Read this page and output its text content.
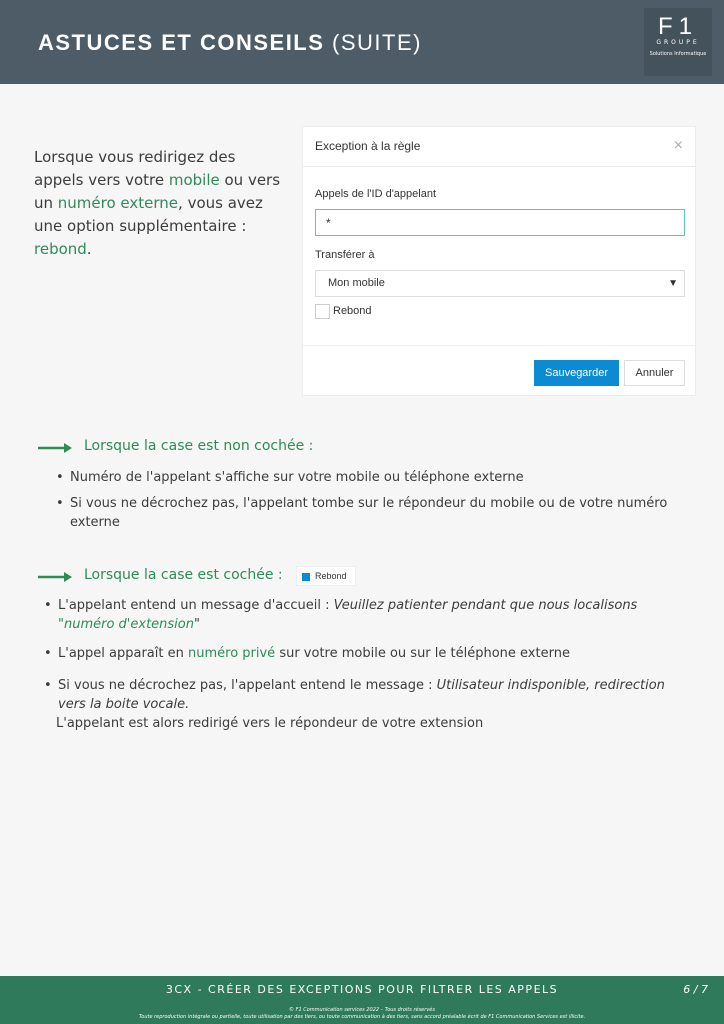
ASTUCES ET CONSEILS (SUITE)
F1
GROUPE
Solutions Informatique
Lorsque vous redirigez des appels vers votre mobile ou vers un numéro externe, vous avez une option supplémentaire : rebond.
Exception à la règle	×
Appels de l'ID d'appelant
*
Transférer à
Mon mobile	▼
Rebond
Sauvegarder	Annuler
Lorsque la case est non cochée :
• Numéro de l'appelant s'affiche sur votre mobile ou téléphone externe
• Si vous ne décrochez pas, l'appelant tombe sur le répondeur du mobile ou de votre numéro
externe
Lorsque la case est cochée :	Rebond
• L'appelant entend un message d'accueil : Veuillez patienter pendant que nous localisons
"numéro d'extension"
• L'appel apparaît en numéro privé sur votre mobile ou sur le téléphone externe
• Si vous ne décrochez pas, l'appelant entend le message : Utilisateur indisponible, redirection
vers la boite vocale.
L'appelant est alors redirigé vers le répondeur de votre extension
3CX - CRÉER DES EXCEPTIONS POUR FILTRER LES APPELS	6 / 7
© F1 Communication services 2022 – Tous droits réservés
Toute reproduction intégrale ou partielle, toute utilisation par des tiers, ou toute communication à des tiers, sans accord préalable écrit de F1 Communication Services est illicite.
